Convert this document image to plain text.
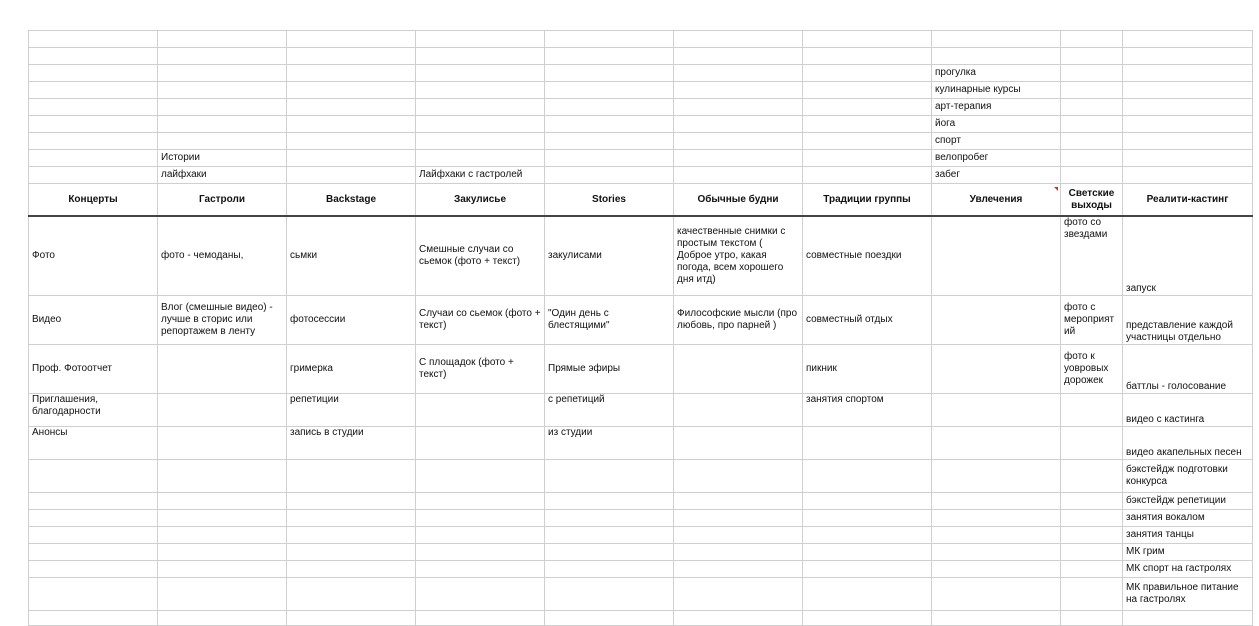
							прогулка		
							кулинарные курсы		
							арт-терапия		
							йога		
							спорт		
	Истории						велопробег		
	лайфхаки		Лайфхаки с гастролей				забег		
Концерты	Гастроли	Backstage	Закулисье	Stories	Обычные будни	Традиции группы	Увлечения	Светские выходы	Реалити-кастинг
Фото	фото - чемоданы,	сьмки	Смешные случаи со сьемок (фото + текст)	закулисами	качественные снимки с простым текстом ( Доброе утро, какая погода, всем хорошего дня итд)	совместные поездки		фото со звездами	запуск
Видео	Влог (смешные видео) - лучше в сторис или репортажем в ленту	фотосессии	Случаи со сьемок (фото + текст)	"Один день с блестящими"	Философские мысли (про любовь, про парней )	совместный отдых		фото с мероприятий	представление каждой участницы отдельно
Проф. Фотоотчет		гримерка	С площадок (фото + текст)	Прямые эфиры		пикник		фото к уовровых дорожек	баттлы - голосование
Приглашения, благодарности		репетиции		с репетиций		занятия спортом			видео с кастинга
Анонсы		запись в студии		из студии					видео акапельных песен
									бэкстейдж подготовки конкурса
									бэкстейдж репетиции
									занятия вокалом
									занятия танцы
									МК грим
									МК спорт на гастролях
									МК правильное питание на гастролях
